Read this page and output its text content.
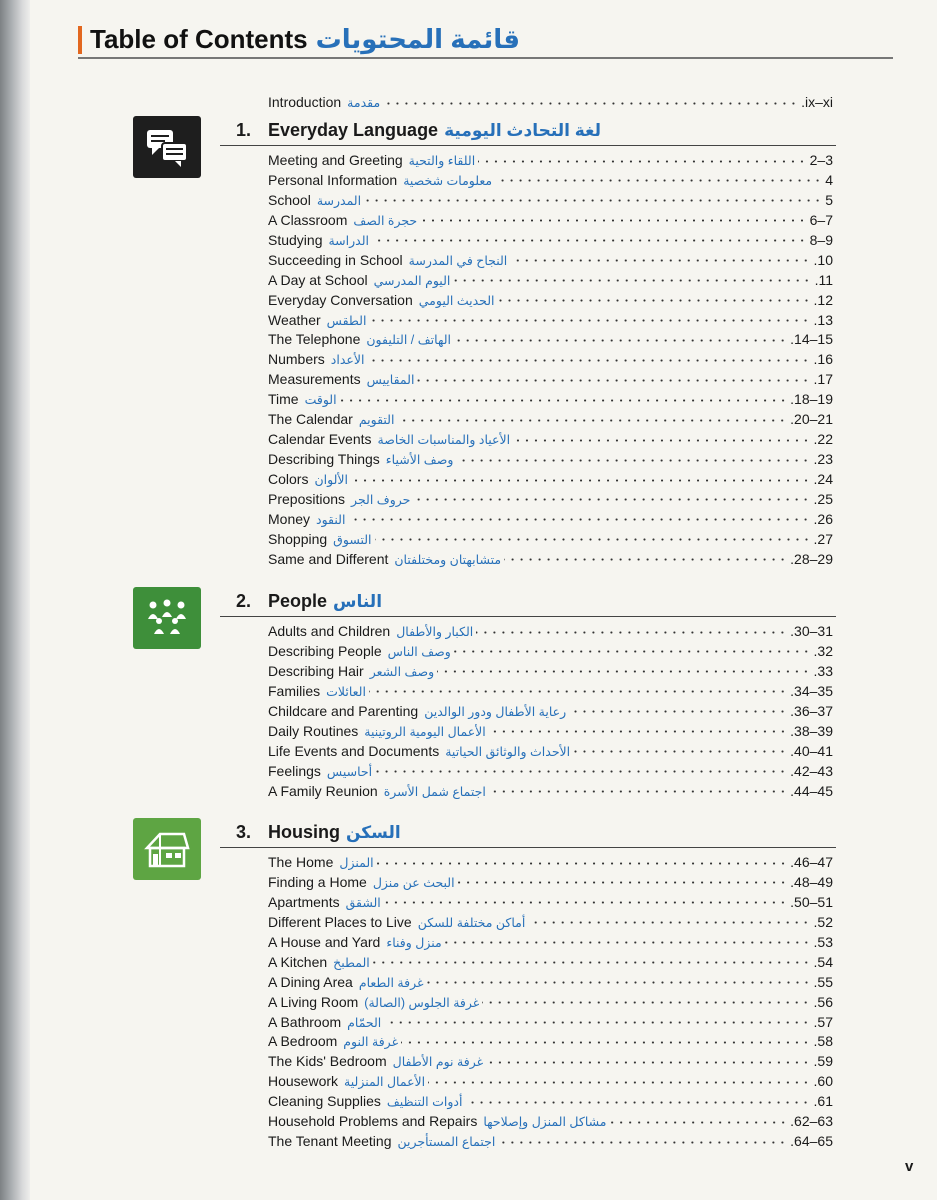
Table of Contents قائمة المحتويات
Introduction مقدمة	.ix–xi
1. Everyday Language لغة التحادث اليومية
Meeting and Greeting اللقاء والتحية	2–3
Personal Information معلومات شخصية	4
School المدرسة	5
A Classroom حجرة الصف	6–7
Studying الدراسة	8–9
Succeeding in School النجاح في المدرسة	.10
A Day at School اليوم المدرسي	.11
Everyday Conversation الحديث اليومي	.12
Weather الطقس	.13
The Telephone الهاتف / التليفون	.14–15
Numbers الأعداد	.16
Measurements المقاييس	.17
Time الوقت	.18–19
The Calendar التقويم	.20–21
Calendar Events الأعياد والمناسبات الخاصة	.22
Describing Things وصف الأشياء	.23
Colors الألوان	.24
Prepositions حروف الجر	.25
Money النقود	.26
Shopping التسوق	.27
Same and Different متشابهتان ومختلفتان	.28–29
2. People الناس
Adults and Children الكبار والأطفال	.30–31
Describing People وصف الناس	.32
Describing Hair وصف الشعر	.33
Families العائلات	.34–35
Childcare and Parenting رعاية الأطفال ودور الوالدين	.36–37
Daily Routines الأعمال اليومية الروتينية	.38–39
Life Events and Documents الأحداث والوثائق الحياتية	.40–41
Feelings أحاسيس	.42–43
A Family Reunion اجتماع شمل الأسرة	.44–45
3. Housing السكن
The Home المنزل	.46–47
Finding a Home البحث عن منزل	.48–49
Apartments الشقق	.50–51
Different Places to Live أماكن مختلفة للسكن	.52
A House and Yard منزل وفناء	.53
A Kitchen المطبخ	.54
A Dining Area غرفة الطعام	.55
A Living Room غرفة الجلوس (الصالة)	.56
A Bathroom الحمّام	.57
A Bedroom غرفة النوم	.58
The Kids' Bedroom غرفة نوم الأطفال	.59
Housework الأعمال المنزلية	.60
Cleaning Supplies أدوات التنظيف	.61
Household Problems and Repairs مشاكل المنزل وإصلاحها	.62–63
The Tenant Meeting اجتماع المستأجرين	.64–65
v
